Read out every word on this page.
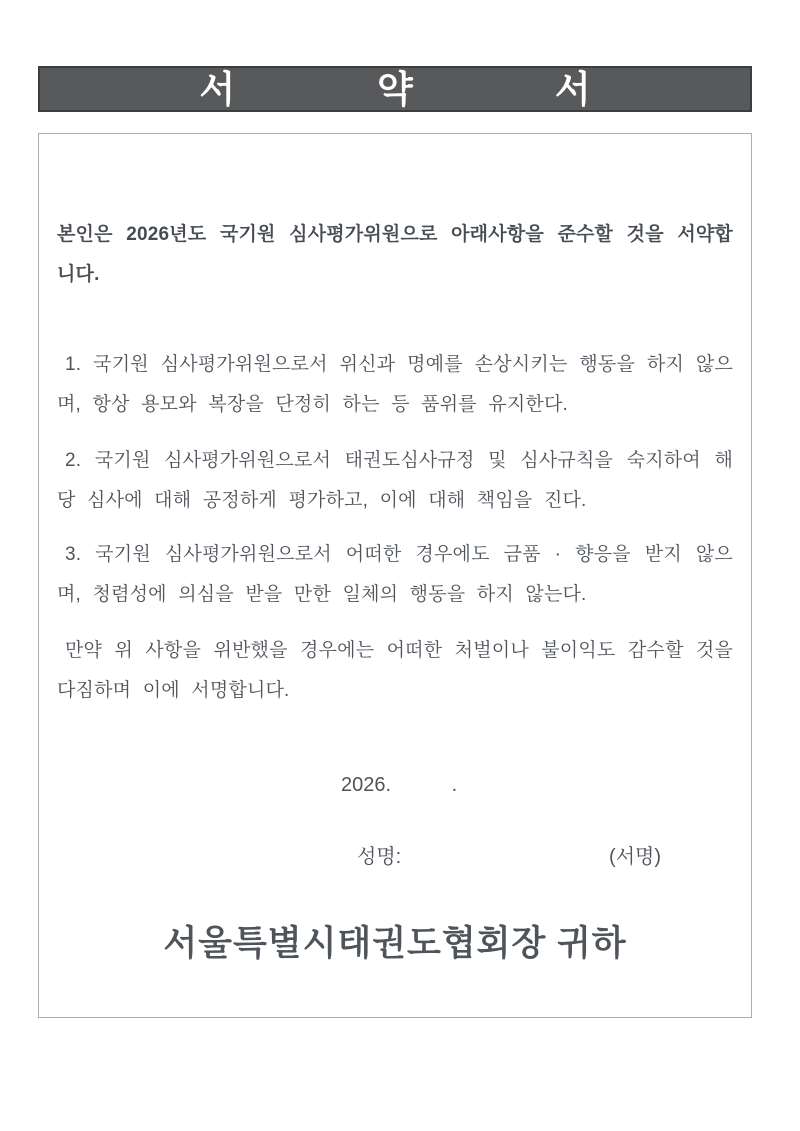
서	약	서

본인은 2026년도 국기원 심사평가위원으로 아래사항을 준수할 것을 서약합니다.

1. 국기원 심사평가위원으로서 위신과 명예를 손상시키는 행동을 하지 않으며, 항상 용모와 복장을 단정히 하는 등 품위를 유지한다.

2. 국기원 심사평가위원으로서 태권도심사규정 및 심사규칙을 숙지하여 해당 심사에 대해 공정하게 평가하고, 이에 대해 책임을 진다.

3. 국기원 심사평가위원으로서 어떠한 경우에도 금품 · 향응을 받지 않으며, 청렴성에 의심을 받을 만한 일체의 행동을 하지 않는다.

만약 위 사항을 위반했을 경우에는 어떠한 처벌이나 불이익도 감수할 것을 다짐하며 이에 서명합니다.

2026.	.
성명:	(서명)
서울특별시태권도협회장 귀하
